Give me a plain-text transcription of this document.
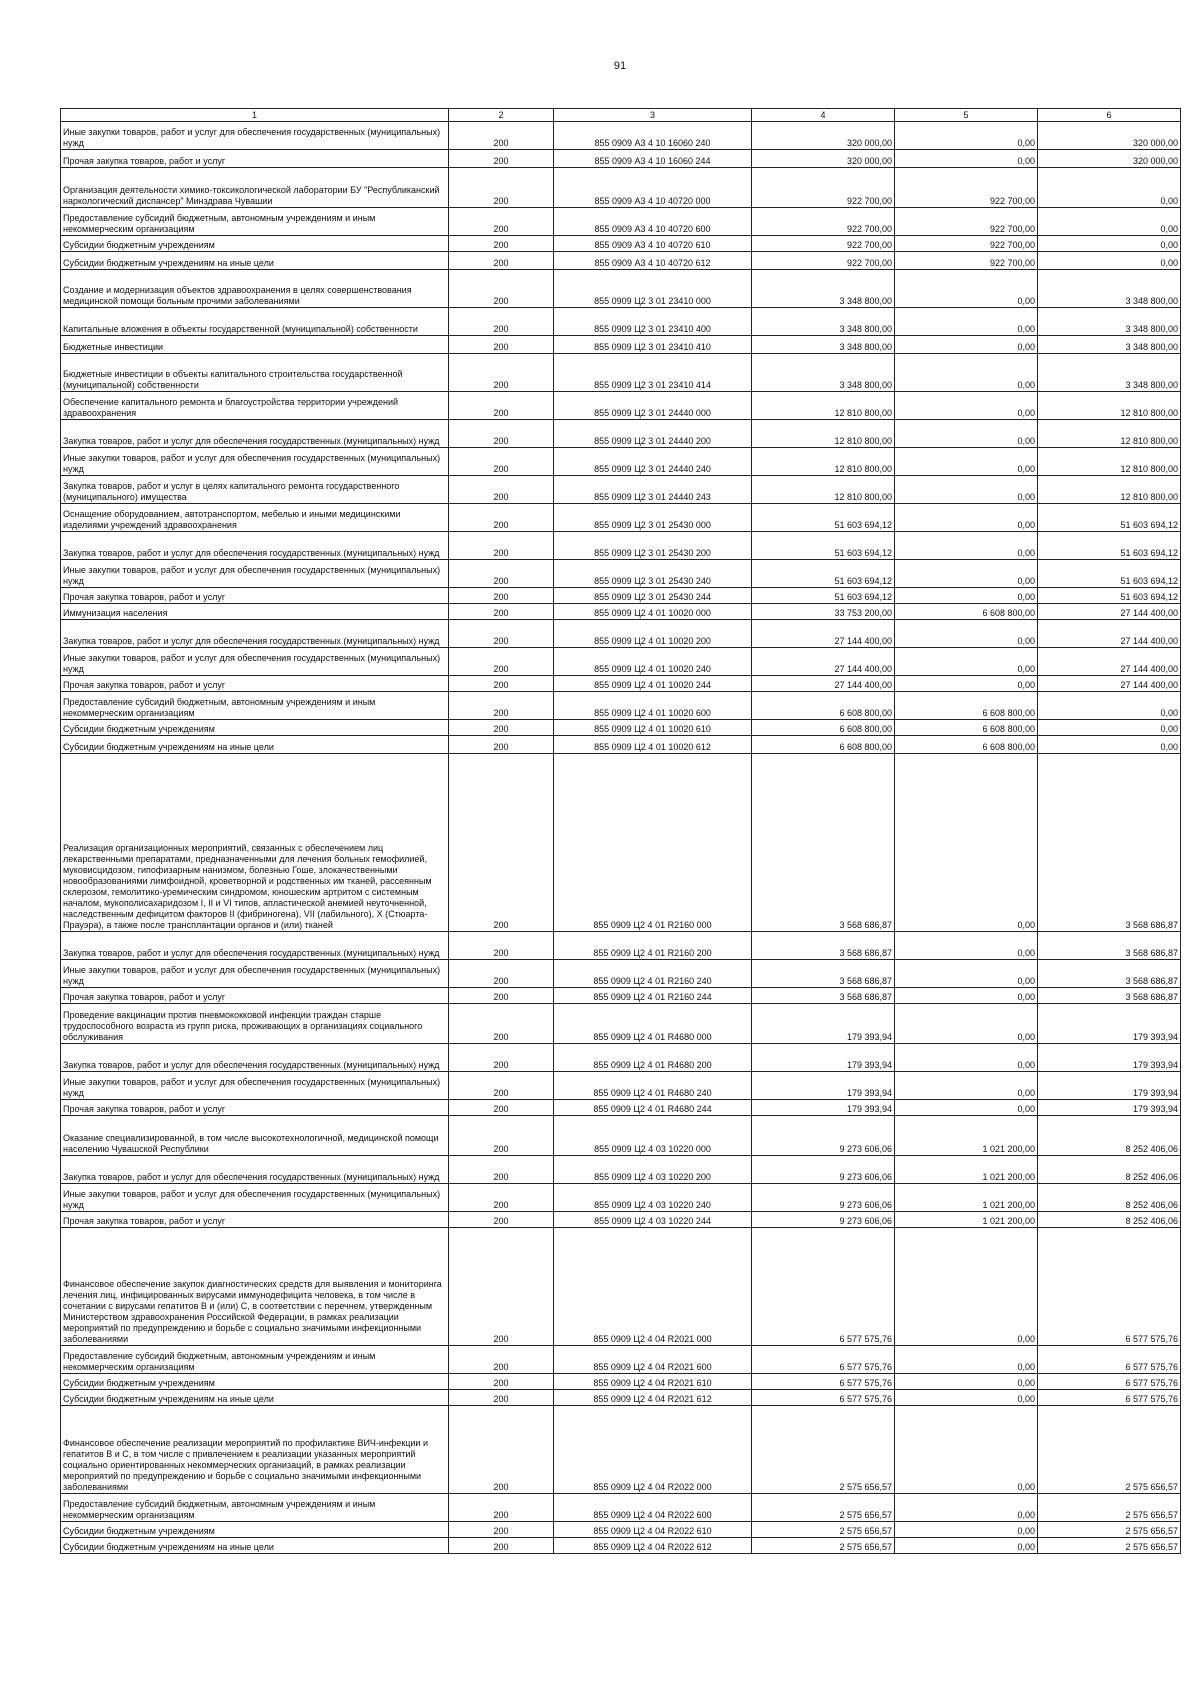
91
1	2	3	4	5	6
Иные закупки товаров, работ и услуг для обеспечения государственных (муниципальных) нужд	200	855 0909 А3 4 10 16060 240	320 000,00	0,00	320 000,00
Прочая закупка товаров, работ и услуг	200	855 0909 А3 4 10 16060 244	320 000,00	0,00	320 000,00
Организация деятельности химико-токсикологической лаборатории БУ "Республиканский наркологический диспансер" Минздрава Чувашии	200	855 0909 А3 4 10 40720 000	922 700,00	922 700,00	0,00
Предоставление субсидий бюджетным, автономным учреждениям и иным некоммерческим организациям	200	855 0909 А3 4 10 40720 600	922 700,00	922 700,00	0,00
Субсидии бюджетным учреждениям	200	855 0909 А3 4 10 40720 610	922 700,00	922 700,00	0,00
Субсидии бюджетным учреждениям на иные цели	200	855 0909 А3 4 10 40720 612	922 700,00	922 700,00	0,00
Создание и модернизация объектов здравоохранения в целях совершенствования медицинской помощи больным прочими заболеваниями	200	855 0909 Ц2 3 01 23410 000	3 348 800,00	0,00	3 348 800,00
Капитальные вложения в объекты государственной (муниципальной) собственности	200	855 0909 Ц2 3 01 23410 400	3 348 800,00	0,00	3 348 800,00
Бюджетные инвестиции	200	855 0909 Ц2 3 01 23410 410	3 348 800,00	0,00	3 348 800,00
Бюджетные инвестиции в объекты капитального строительства государственной (муниципальной) собственности	200	855 0909 Ц2 3 01 23410 414	3 348 800,00	0,00	3 348 800,00
Обеспечение капитального ремонта и благоустройства территории учреждений здравоохранения	200	855 0909 Ц2 3 01 24440 000	12 810 800,00	0,00	12 810 800,00
Закупка товаров, работ и услуг для обеспечения государственных (муниципальных) нужд	200	855 0909 Ц2 3 01 24440 200	12 810 800,00	0,00	12 810 800,00
Иные закупки товаров, работ и услуг для обеспечения государственных (муниципальных) нужд	200	855 0909 Ц2 3 01 24440 240	12 810 800,00	0,00	12 810 800,00
Закупка товаров, работ и услуг в целях капитального ремонта государственного (муниципального) имущества	200	855 0909 Ц2 3 01 24440 243	12 810 800,00	0,00	12 810 800,00
Оснащение оборудованием, автотранспортом, мебелью и иными медицинскими изделиями учреждений здравоохранения	200	855 0909 Ц2 3 01 25430 000	51 603 694,12	0,00	51 603 694,12
Закупка товаров, работ и услуг для обеспечения государственных (муниципальных) нужд	200	855 0909 Ц2 3 01 25430 200	51 603 694,12	0,00	51 603 694,12
Иные закупки товаров, работ и услуг для обеспечения государственных (муниципальных) нужд	200	855 0909 Ц2 3 01 25430 240	51 603 694,12	0,00	51 603 694,12
Прочая закупка товаров, работ и услуг	200	855 0909 Ц2 3 01 25430 244	51 603 694,12	0,00	51 603 694,12
Иммунизация населения	200	855 0909 Ц2 4 01 10020 000	33 753 200,00	6 608 800,00	27 144 400,00
Закупка товаров, работ и услуг для обеспечения государственных (муниципальных) нужд	200	855 0909 Ц2 4 01 10020 200	27 144 400,00	0,00	27 144 400,00
Иные закупки товаров, работ и услуг для обеспечения государственных (муниципальных) нужд	200	855 0909 Ц2 4 01 10020 240	27 144 400,00	0,00	27 144 400,00
Прочая закупка товаров, работ и услуг	200	855 0909 Ц2 4 01 10020 244	27 144 400,00	0,00	27 144 400,00
Предоставление субсидий бюджетным, автономным учреждениям и иным некоммерческим организациям	200	855 0909 Ц2 4 01 10020 600	6 608 800,00	6 608 800,00	0,00
Субсидии бюджетным учреждениям	200	855 0909 Ц2 4 01 10020 610	6 608 800,00	6 608 800,00	0,00
Субсидии бюджетным учреждениям на иные цели	200	855 0909 Ц2 4 01 10020 612	6 608 800,00	6 608 800,00	0,00
Реализация организационных мероприятий, связанных с обеспечением лиц лекарственными препаратами, предназначенными для лечения больных гемофилией, муковисцидозом, гипофизарным нанизмом, болезнью Гоше, злокачественными новообразованиями лимфоидной, кроветворной и родственных им тканей, рассеянным склерозом, гемолитико-уремическим синдромом, юношеским артритом с системным началом, мукополисахаридозом I, II и VI типов, апластической анемией неуточненной, наследственным дефицитом факторов II (фибриногена), VII (лабильного), X (Стюарта-Прауэра), а также после трансплантации органов и (или) тканей	200	855 0909 Ц2 4 01 R2160 000	3 568 686,87	0,00	3 568 686,87
Закупка товаров, работ и услуг для обеспечения государственных (муниципальных) нужд	200	855 0909 Ц2 4 01 R2160 200	3 568 686,87	0,00	3 568 686,87
Иные закупки товаров, работ и услуг для обеспечения государственных (муниципальных) нужд	200	855 0909 Ц2 4 01 R2160 240	3 568 686,87	0,00	3 568 686,87
Прочая закупка товаров, работ и услуг	200	855 0909 Ц2 4 01 R2160 244	3 568 686,87	0,00	3 568 686,87
Проведение вакцинации против пневмококковой инфекции граждан старше трудоспособного возраста из групп риска, проживающих в организациях социального обслуживания	200	855 0909 Ц2 4 01 R4680 000	179 393,94	0,00	179 393,94
Закупка товаров, работ и услуг для обеспечения государственных (муниципальных) нужд	200	855 0909 Ц2 4 01 R4680 200	179 393,94	0,00	179 393,94
Иные закупки товаров, работ и услуг для обеспечения государственных (муниципальных) нужд	200	855 0909 Ц2 4 01 R4680 240	179 393,94	0,00	179 393,94
Прочая закупка товаров, работ и услуг	200	855 0909 Ц2 4 01 R4680 244	179 393,94	0,00	179 393,94
Оказание специализированной, в том числе высокотехнологичной, медицинской помощи населению Чувашской Республики	200	855 0909 Ц2 4 03 10220 000	9 273 606,06	1 021 200,00	8 252 406,06
Закупка товаров, работ и услуг для обеспечения государственных (муниципальных) нужд	200	855 0909 Ц2 4 03 10220 200	9 273 606,06	1 021 200,00	8 252 406,06
Иные закупки товаров, работ и услуг для обеспечения государственных (муниципальных) нужд	200	855 0909 Ц2 4 03 10220 240	9 273 606,06	1 021 200,00	8 252 406,06
Прочая закупка товаров, работ и услуг	200	855 0909 Ц2 4 03 10220 244	9 273 606,06	1 021 200,00	8 252 406,06
Финансовое обеспечение закупок диагностических средств для выявления и мониторинга лечения лиц, инфицированных вирусами иммунодефицита человека, в том числе в сочетании с вирусами гепатитов B и (или) C, в соответствии с перечнем, утвержденным Министерством здравоохранения Российской Федерации, в рамках реализации мероприятий по предупреждению и борьбе с социально значимыми инфекционными заболеваниями	200	855 0909 Ц2 4 04 R2021 000	6 577 575,76	0,00	6 577 575,76
Предоставление субсидий бюджетным, автономным учреждениям и иным некоммерческим организациям	200	855 0909 Ц2 4 04 R2021 600	6 577 575,76	0,00	6 577 575,76
Субсидии бюджетным учреждениям	200	855 0909 Ц2 4 04 R2021 610	6 577 575,76	0,00	6 577 575,76
Субсидии бюджетным учреждениям на иные цели	200	855 0909 Ц2 4 04 R2021 612	6 577 575,76	0,00	6 577 575,76
Финансовое обеспечение реализации мероприятий по профилактике ВИЧ-инфекции и гепатитов B и C, в том числе с привлечением к реализации указанных мероприятий социально ориентированных некоммерческих организаций, в рамках реализации мероприятий по предупреждению и борьбе с социально значимыми инфекционными заболеваниями	200	855 0909 Ц2 4 04 R2022 000	2 575 656,57	0,00	2 575 656,57
Предоставление субсидий бюджетным, автономным учреждениям и иным некоммерческим организациям	200	855 0909 Ц2 4 04 R2022 600	2 575 656,57	0,00	2 575 656,57
Субсидии бюджетным учреждениям	200	855 0909 Ц2 4 04 R2022 610	2 575 656,57	0,00	2 575 656,57
Субсидии бюджетным учреждениям на иные цели	200	855 0909 Ц2 4 04 R2022 612	2 575 656,57	0,00	2 575 656,57
